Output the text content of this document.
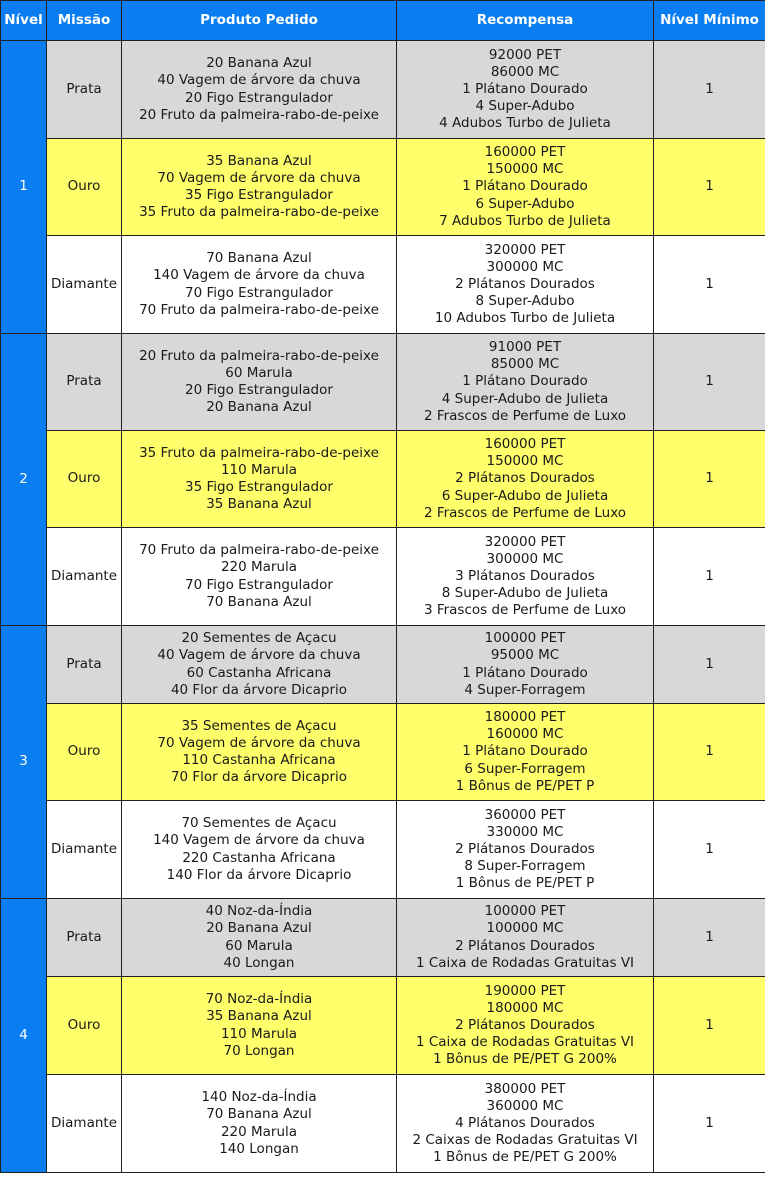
Nível	Missão	Produto Pedido	Recompensa	Nível Mínimo
1	Prata	20 Banana Azul
40 Vagem de árvore da chuva
20 Figo Estrangulador
20 Fruto da palmeira-rabo-de-peixe	92000 PET
86000 MC
1 Plátano Dourado
4 Super-Adubo
4 Adubos Turbo de Julieta	1
	Ouro	35 Banana Azul
70 Vagem de árvore da chuva
35 Figo Estrangulador
35 Fruto da palmeira-rabo-de-peixe	160000 PET
150000 MC
1 Plátano Dourado
6 Super-Adubo
7 Adubos Turbo de Julieta	1
	Diamante	70 Banana Azul
140 Vagem de árvore da chuva
70 Figo Estrangulador
70 Fruto da palmeira-rabo-de-peixe	320000 PET
300000 MC
2 Plátanos Dourados
8 Super-Adubo
10 Adubos Turbo de Julieta	1
2	Prata	20 Fruto da palmeira-rabo-de-peixe
60 Marula
20 Figo Estrangulador
20 Banana Azul	91000 PET
85000 MC
1 Plátano Dourado
4 Super-Adubo de Julieta
2 Frascos de Perfume de Luxo	1
	Ouro	35 Fruto da palmeira-rabo-de-peixe
110 Marula
35 Figo Estrangulador
35 Banana Azul	160000 PET
150000 MC
2 Plátanos Dourados
6 Super-Adubo de Julieta
2 Frascos de Perfume de Luxo	1
	Diamante	70 Fruto da palmeira-rabo-de-peixe
220 Marula
70 Figo Estrangulador
70 Banana Azul	320000 PET
300000 MC
3 Plátanos Dourados
8 Super-Adubo de Julieta
3 Frascos de Perfume de Luxo	1
3	Prata	20 Sementes de Açacu
40 Vagem de árvore da chuva
60 Castanha Africana
40 Flor da árvore Dicaprio	100000 PET
95000 MC
1 Plátano Dourado
4 Super-Forragem	1
	Ouro	35 Sementes de Açacu
70 Vagem de árvore da chuva
110 Castanha Africana
70 Flor da árvore Dicaprio	180000 PET
160000 MC
1 Plátano Dourado
6 Super-Forragem
1 Bônus de PE/PET P	1
	Diamante	70 Sementes de Açacu
140 Vagem de árvore da chuva
220 Castanha Africana
140 Flor da árvore Dicaprio	360000 PET
330000 MC
2 Plátanos Dourados
8 Super-Forragem
1 Bônus de PE/PET P	1
4	Prata	40 Noz-da-Índia
20 Banana Azul
60 Marula
40 Longan	100000 PET
100000 MC
2 Plátanos Dourados
1 Caixa de Rodadas Gratuitas VI	1
	Ouro	70 Noz-da-Índia
35 Banana Azul
110 Marula
70 Longan	190000 PET
180000 MC
2 Plátanos Dourados
1 Caixa de Rodadas Gratuitas VI
1 Bônus de PE/PET G 200%	1
	Diamante	140 Noz-da-Índia
70 Banana Azul
220 Marula
140 Longan	380000 PET
360000 MC
4 Plátanos Dourados
2 Caixas de Rodadas Gratuitas VI
1 Bônus de PE/PET G 200%	1
